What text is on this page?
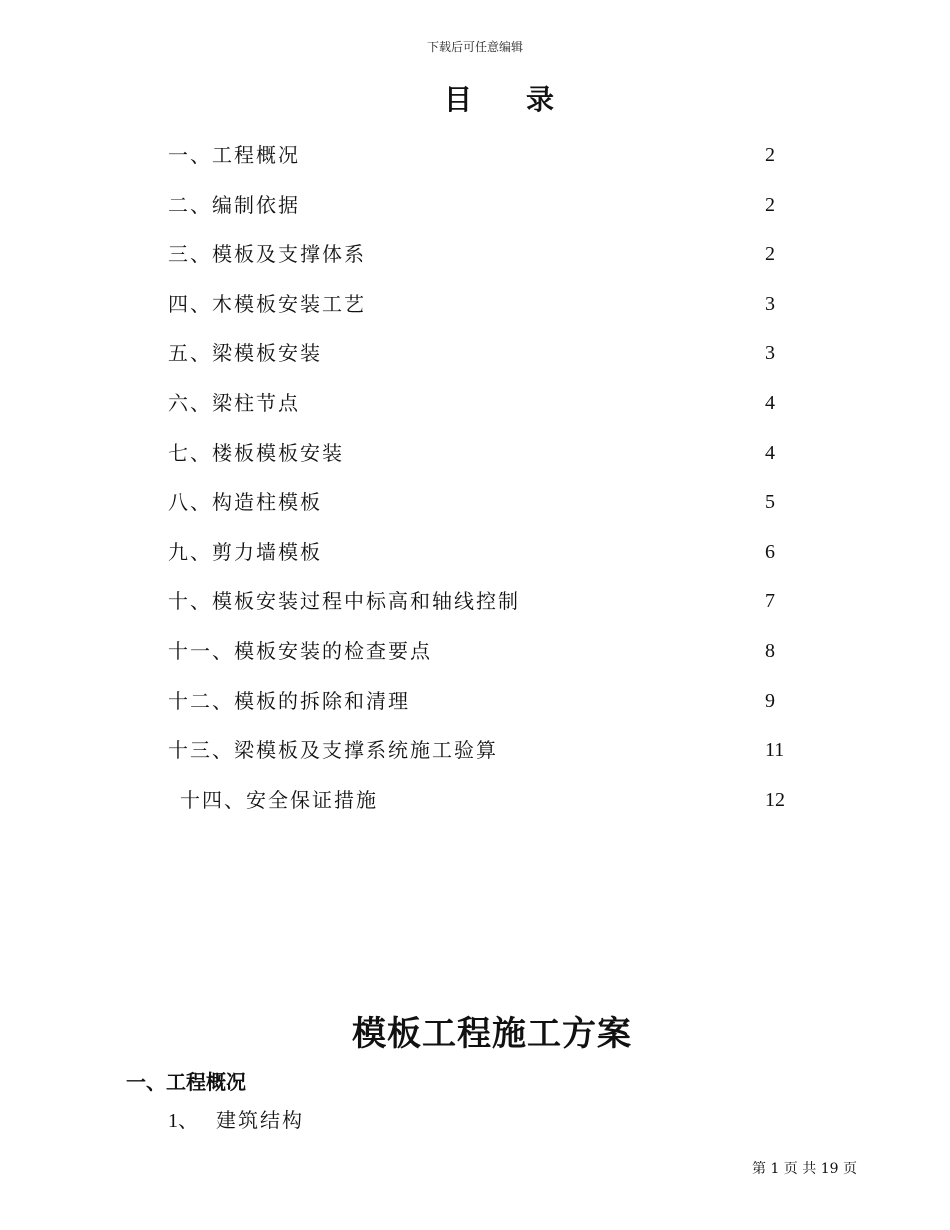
下载后可任意编辑
目 录
一、工程概况	2
二、编制依据	2
三、模板及支撑体系	2
四、木模板安装工艺	3
五、梁模板安装	3
六、梁柱节点	4
七、楼板模板安装	4
八、构造柱模板	5
九、剪力墙模板	6
十、模板安装过程中标高和轴线控制	7
十一、模板安装的检查要点	8
十二、模板的拆除和清理	9
十三、梁模板及支撑系统施工验算	11
十四、安全保证措施	12
模板工程施工方案
一、工程概况
1、 建筑结构
第 1 页 共 19 页
